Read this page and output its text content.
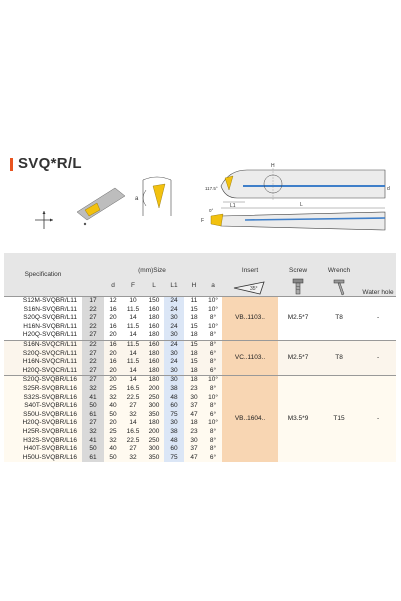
SVQ*R/L
a
H
d
117.5°
L1	L
0°
F
Specification	(mm)Size							Insert	Screw	Wrench	Water hole
		d	F	L	L1	H	a	35°

S12M-SVQBR/L11	17	12	10	150	24	11	10°	VB..1103..	M2.5*7	T8	-
S16N-SVQBR/L11	22	16	11.5	160	24	15	10°				
S20Q-SVQBR/L11	27	20	14	180	30	18	8°				
H16N-SVQBR/L11	22	16	11.5	160	24	15	10°				
H20Q-SVQBR/L11	27	20	14	180	30	18	8°				
S16N-SVQCR/L11	22	16	11.5	160	24	15	8°	VC..1103..	M2.5*7	T8	-
S20Q-SVQCR/L11	27	20	14	180	30	18	6°				
H16N-SVQCR/L11	22	16	11.5	160	24	15	8°				
H20Q-SVQCR/L11	27	20	14	180	30	18	6°				
S20Q-SVQBR/L16	27	20	14	180	30	18	10°	VB..1604..	M3.5*9	T15	-
S25R-SVQBR/L16	32	25	16.5	200	38	23	8°				
S32S-SVQBR/L16	41	32	22.5	250	48	30	10°				
S40T-SVQBR/L16	50	40	27	300	60	37	8°				
S50U-SVQBR/L16	61	50	32	350	75	47	6°				
H20Q-SVQBR/L16	27	20	14	180	30	18	10°				
H25R-SVQBR/L16	32	25	16.5	200	38	23	8°				
H32S-SVQBR/L16	41	32	22.5	250	48	30	8°				
H40T-SVQBR/L16	50	40	27	300	60	37	8°				
H50U-SVQBR/L16	61	50	32	350	75	47	6°				
